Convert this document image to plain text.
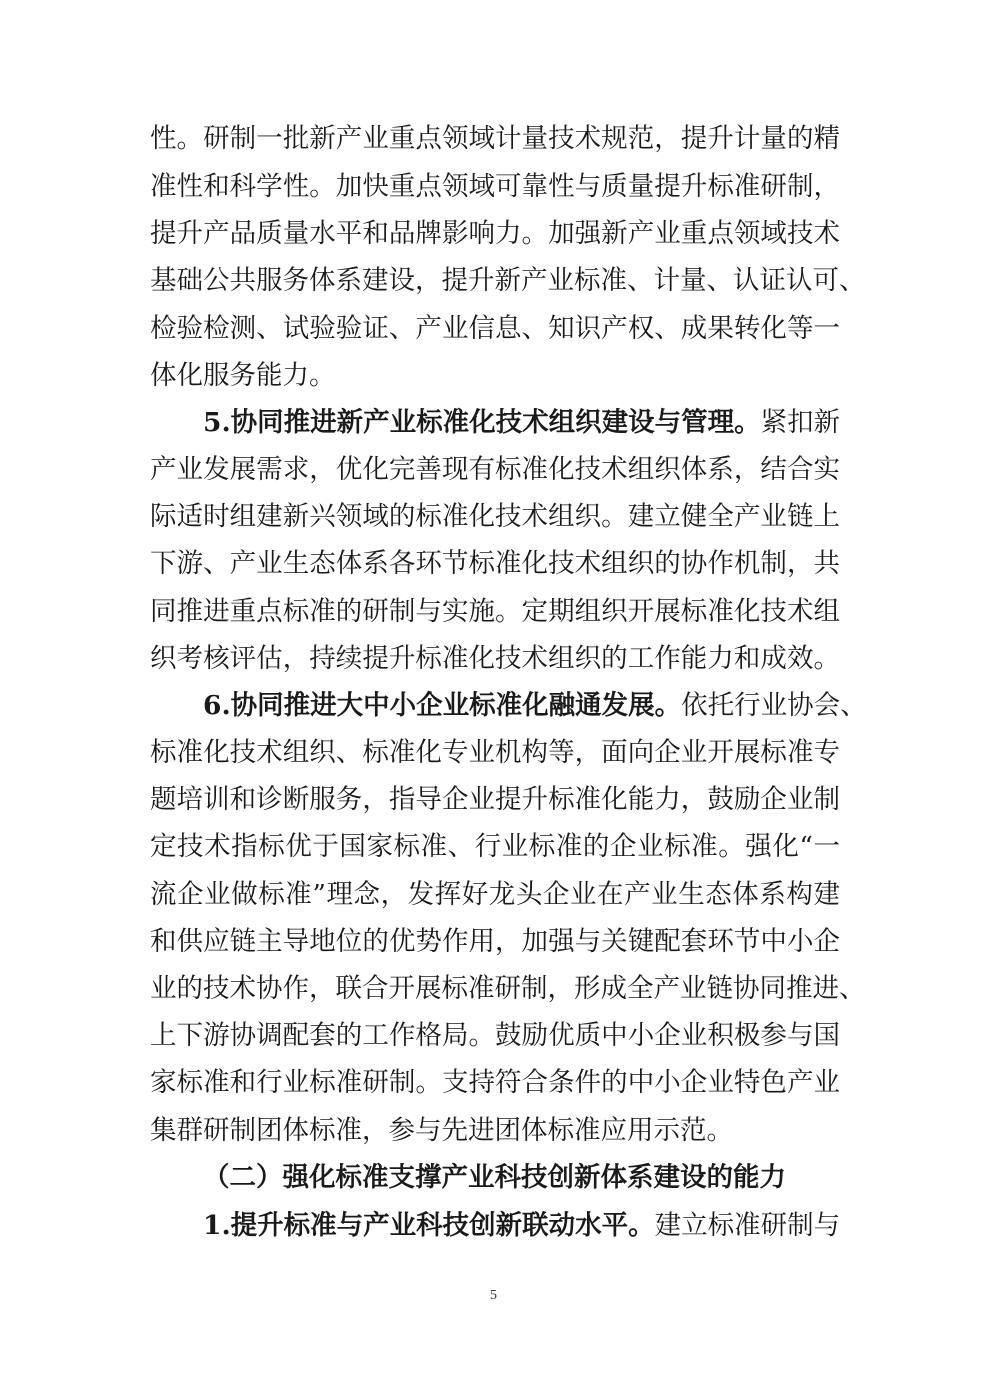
性。研制一批新产业重点领域计量技术规范，提升计量的精
准性和科学性。加快重点领域可靠性与质量提升标准研制，
提升产品质量水平和品牌影响力。加强新产业重点领域技术
基础公共服务体系建设，提升新产业标准、计量、认证认可、
检验检测、试验验证、产业信息、知识产权、成果转化等一
体化服务能力。
5.协同推进新产业标准化技术组织建设与管理。紧扣新
产业发展需求，优化完善现有标准化技术组织体系，结合实
际适时组建新兴领域的标准化技术组织。建立健全产业链上
下游、产业生态体系各环节标准化技术组织的协作机制，共
同推进重点标准的研制与实施。定期组织开展标准化技术组
织考核评估，持续提升标准化技术组织的工作能力和成效。
6.协同推进大中小企业标准化融通发展。依托行业协会、
标准化技术组织、标准化专业机构等，面向企业开展标准专
题培训和诊断服务，指导企业提升标准化能力，鼓励企业制
定技术指标优于国家标准、行业标准的企业标准。强化“一
流企业做标准”理念，发挥好龙头企业在产业生态体系构建
和供应链主导地位的优势作用，加强与关键配套环节中小企
业的技术协作，联合开展标准研制，形成全产业链协同推进、
上下游协调配套的工作格局。鼓励优质中小企业积极参与国
家标准和行业标准研制。支持符合条件的中小企业特色产业
集群研制团体标准，参与先进团体标准应用示范。
（二）强化标准支撑产业科技创新体系建设的能力
1.提升标准与产业科技创新联动水平。建立标准研制与
5
